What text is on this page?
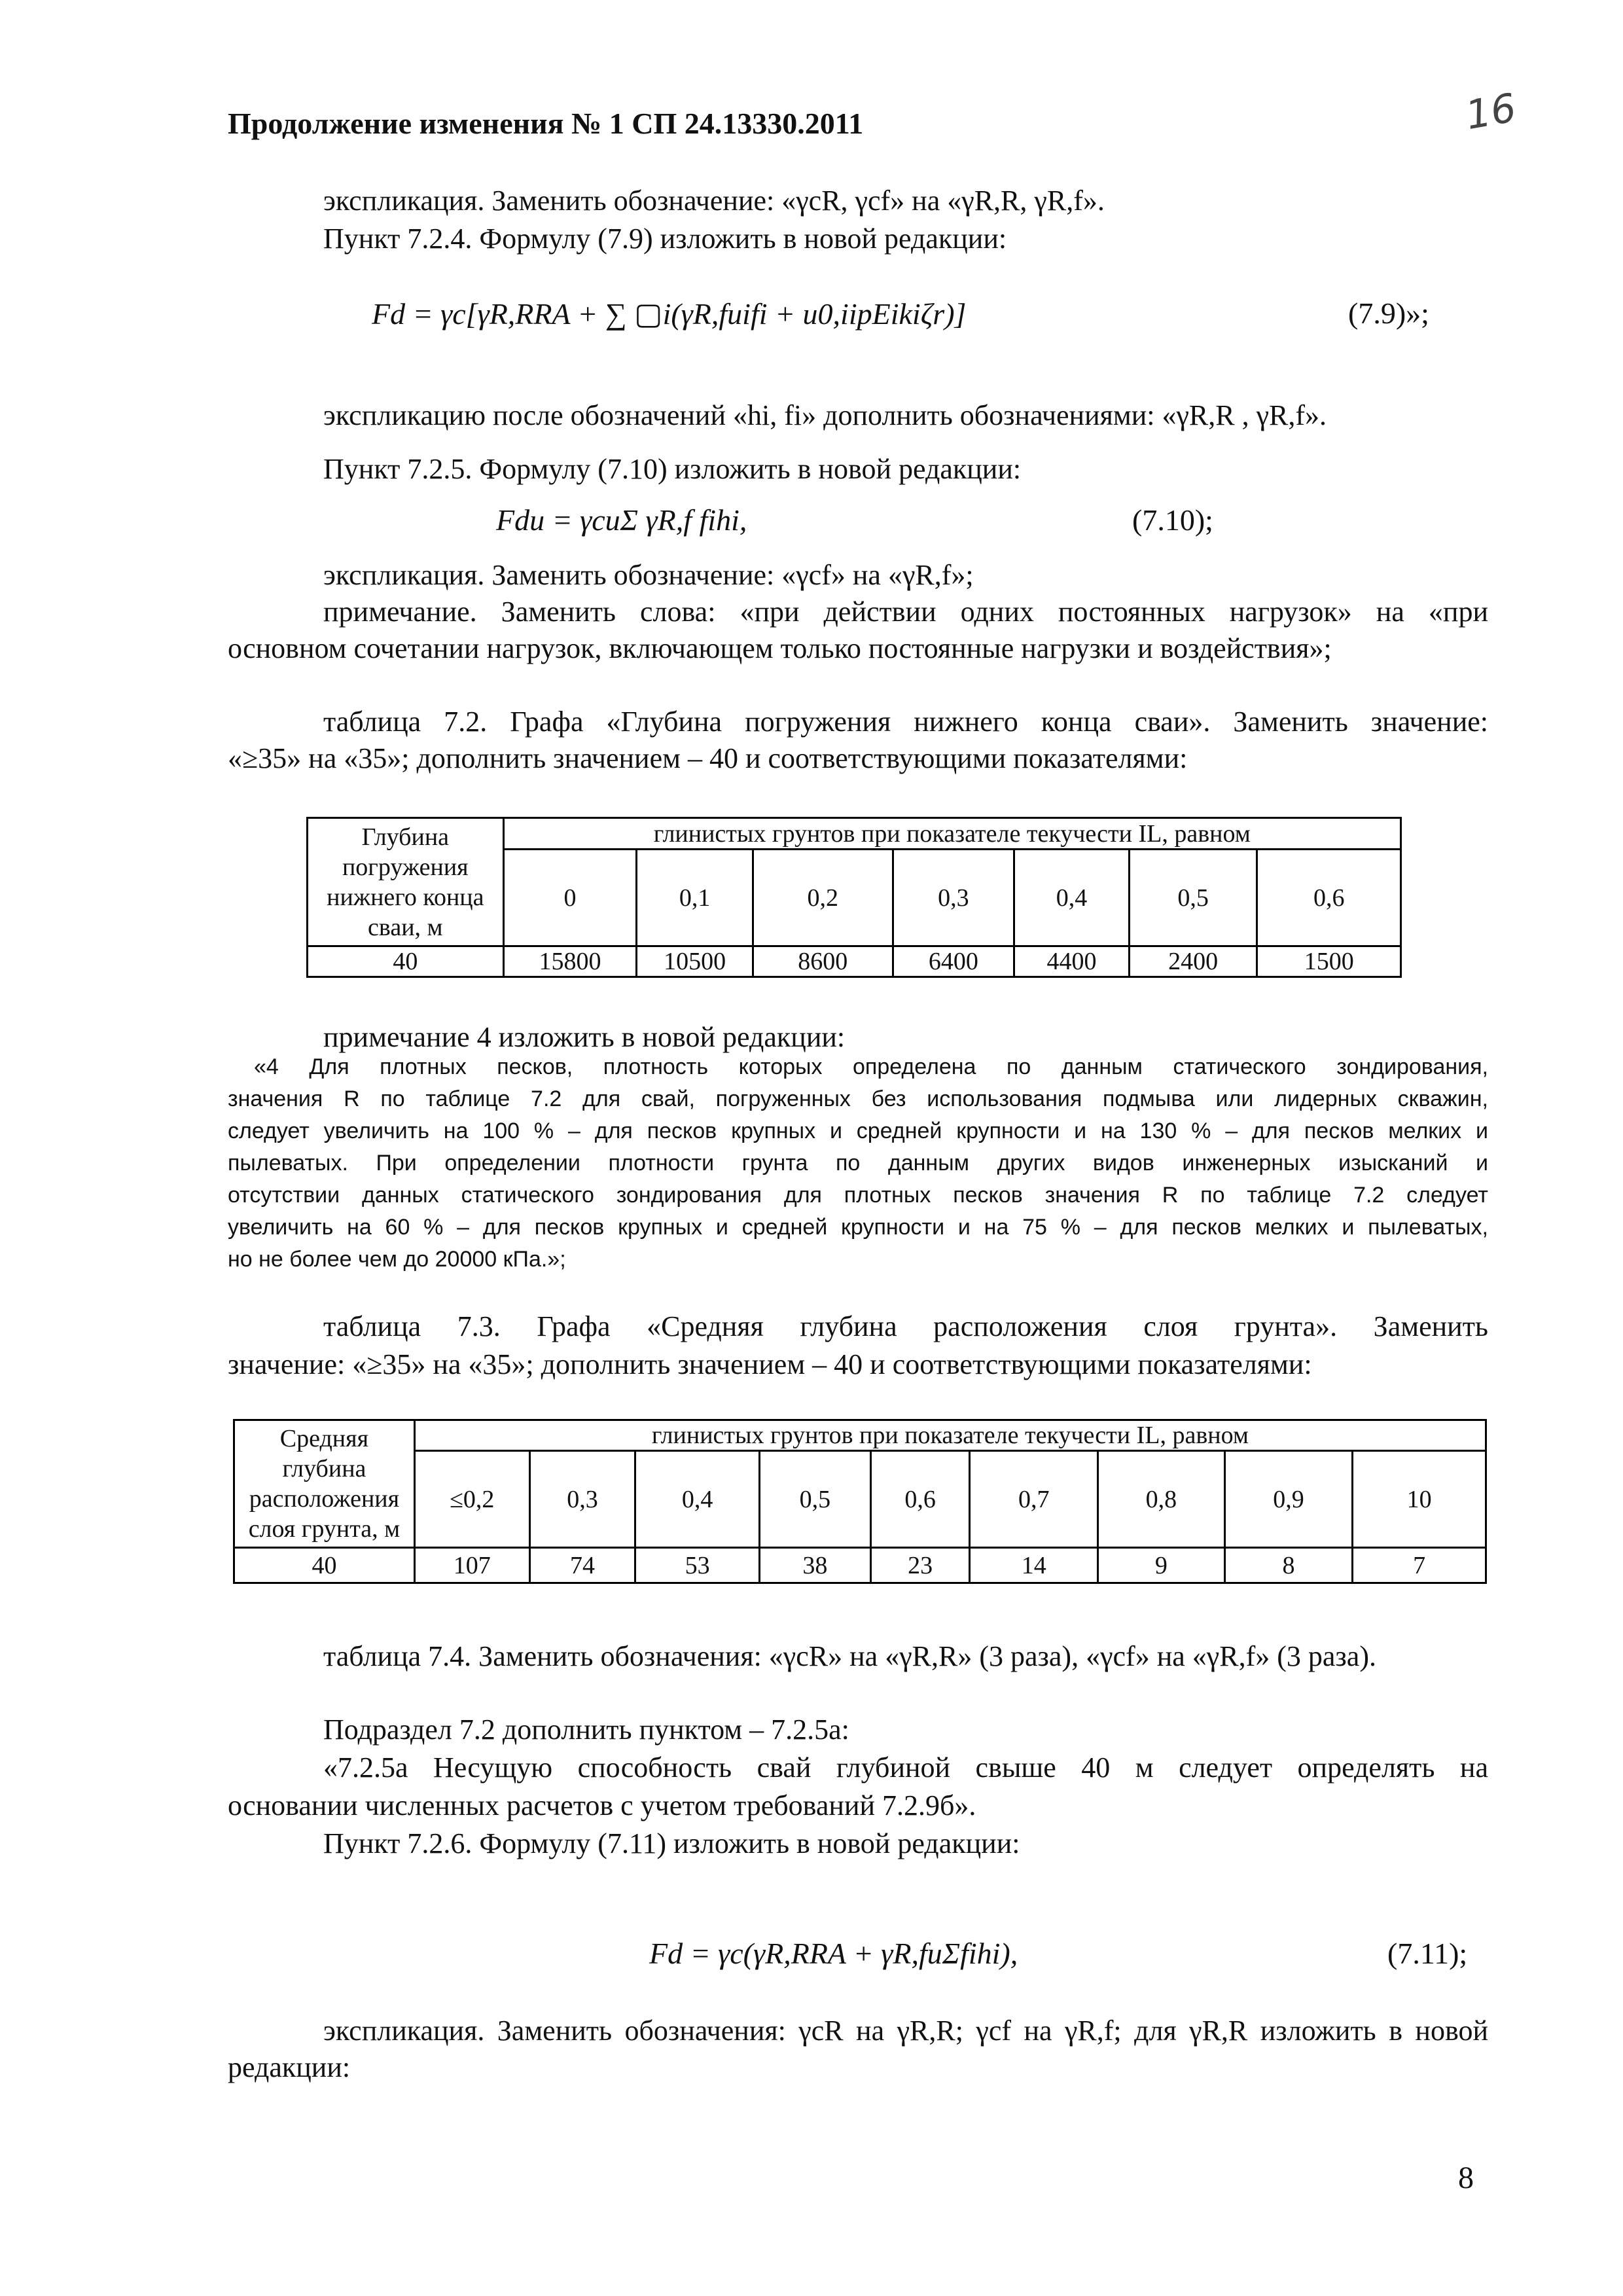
Продолжение изменения № 1 СП 24.13330.2011	16
экспликация. Заменить обозначение: «γcR, γcf» на «γR,R, γR,f».
Пункт 7.2.4. Формулу (7.9) изложить в новой редакции:
Fd = γc[γR,RRA + ∑ ▢i(γR,fuifi + u0,iipEikiζr)]	(7.9)»;
экспликацию после обозначений «hi, fi» дополнить обозначениями: «γR,R , γR,f».
Пункт 7.2.5. Формулу (7.10) изложить в новой редакции:
Fdu = γcuΣ γR,f fihi,	(7.10);
экспликация. Заменить обозначение: «γcf» на «γR,f»;
примечание. Заменить слова: «при действии одних постоянных нагрузок» на «при
основном сочетании нагрузок, включающем только постоянные нагрузки и воздействия»;
таблица 7.2. Графа «Глубина погружения нижнего конца сваи». Заменить значение:
«≥35» на «35»; дополнить значением – 40 и соответствующими показателями:
Глубина
погружения
нижнего конца
сваи, м	глинистых грунтов при показателе текучести IL, равном						
	0	0,1	0,2	0,3	0,4	0,5	0,6
40	15800	10500	8600	6400	4400	2400	1500
примечание 4 изложить в новой редакции:
«4 Для плотных песков, плотность которых определена по данным статического зондирования,
значения R по таблице 7.2 для свай, погруженных без использования подмыва или лидерных скважин,
следует увеличить на 100 % – для песков крупных и средней крупности и на 130 % – для песков мелких и
пылеватых. При определении плотности грунта по данным других видов инженерных изысканий и
отсутствии данных статического зондирования для плотных песков значения R по таблице 7.2 следует
увеличить на 60 % – для песков крупных и средней крупности и на 75 % – для песков мелких и пылеватых,
но не более чем до 20000 кПа.»;
таблица 7.3. Графа «Средняя глубина расположения слоя грунта». Заменить
значение: «≥35» на «35»; дополнить значением – 40 и соответствующими показателями:
Средняя
глубина
расположения
слоя грунта, м	глинистых грунтов при показателе текучести IL, равном								
	≤0,2	0,3	0,4	0,5	0,6	0,7	0,8	0,9	10
40	107	74	53	38	23	14	9	8	7
таблица 7.4. Заменить обозначения: «γcR» на «γR,R» (3 раза), «γcf» на «γR,f» (3 раза).
Подраздел 7.2 дополнить пунктом – 7.2.5а:
«7.2.5а Несущую способность свай глубиной свыше 40 м следует определять на
основании численных расчетов с учетом требований 7.2.9б».
Пункт 7.2.6. Формулу (7.11) изложить в новой редакции:
Fd = γc(γR,RRA + γR,fuΣfihi),	(7.11);
экспликация. Заменить обозначения: γcR на γR,R; γcf на γR,f; для γR,R изложить в новой
редакции:
8
